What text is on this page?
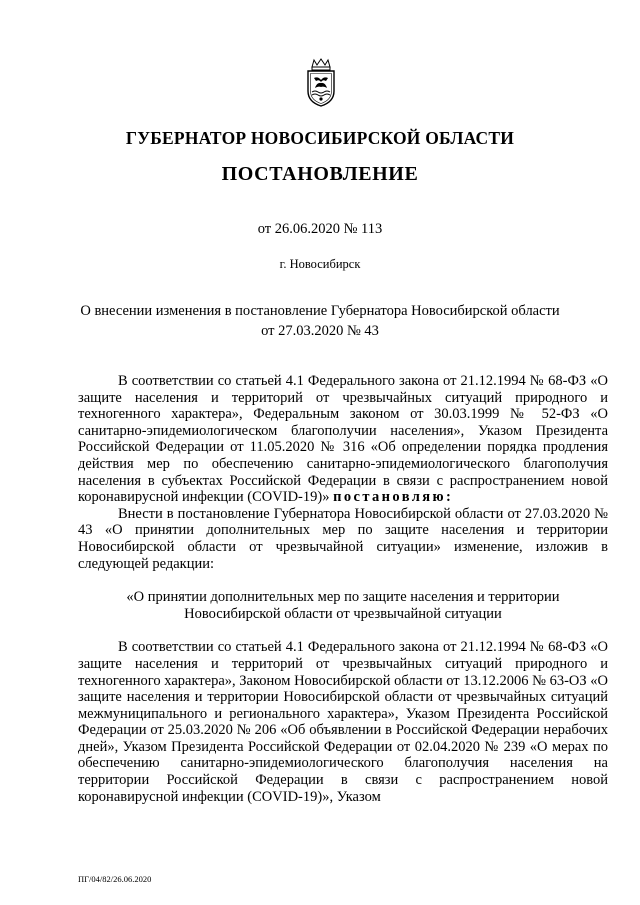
ГУБЕРНАТОР НОВОСИБИРСКОЙ ОБЛАСТИ
ПОСТАНОВЛЕНИЕ
от 26.06.2020 № 113
г. Новосибирск
О внесении изменения в постановление Губернатора Новосибирской области
от 27.03.2020 № 43

В соответствии со статьей 4.1 Федерального закона от 21.12.1994 № 68-ФЗ «О защите населения и территорий от чрезвычайных ситуаций природного и техногенного характера», Федеральным законом от 30.03.1999 № 52-ФЗ «О санитарно-эпидемиологическом благополучии населения», Указом Президента Российской Федерации от 11.05.2020 № 316 «Об определении порядка продления действия мер по обеспечению санитарно-эпидемиологического благополучия населения в субъектах Российской Федерации в связи с распространением новой коронавирусной инфекции (COVID-19)» постановляю:

Внести в постановление Губернатора Новосибирской области от 27.03.2020 № 43 «О принятии дополнительных мер по защите населения и территории Новосибирской области от чрезвычайной ситуации» изменение, изложив в следующей редакции:

«О принятии дополнительных мер по защите населения и территории

Новосибирской области от чрезвычайной ситуации

В соответствии со статьей 4.1 Федерального закона от 21.12.1994 № 68-ФЗ «О защите населения и территорий от чрезвычайных ситуаций природного и техногенного характера», Законом Новосибирской области от 13.12.2006 № 63-ОЗ «О защите населения и территории Новосибирской области от чрезвычайных ситуаций межмуниципального и регионального характера», Указом Президента Российской Федерации от 25.03.2020 № 206 «Об объявлении в Российской Федерации нерабочих дней», Указом Президента Российской Федерации от 02.04.2020 № 239 «О мерах по обеспечению санитарно-эпидемиологического благополучия населения на территории Российской Федерации в связи с распространением новой коронавирусной инфекции (COVID-19)», Указом

ПГ/04/82/26.06.2020
